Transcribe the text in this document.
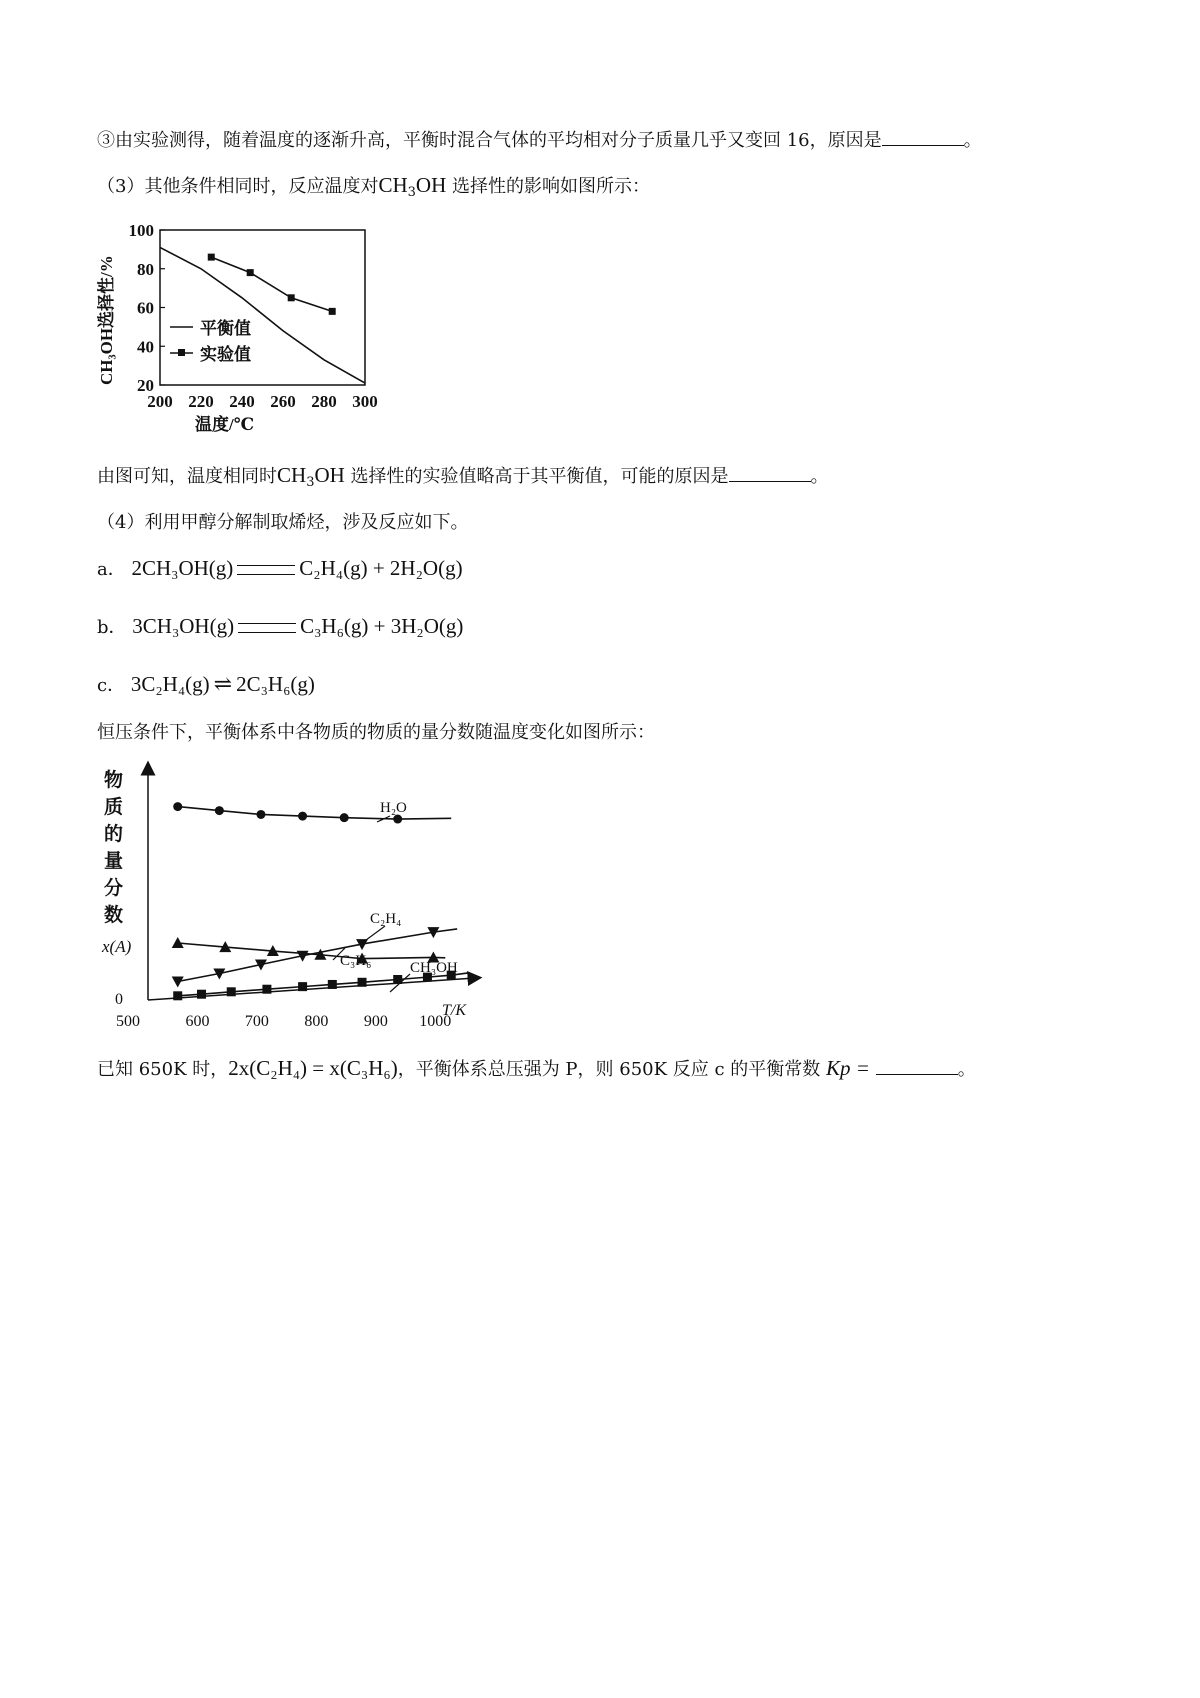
③由实验测得，随着温度的逐渐升高，平衡时混合气体的平均相对分子质量几乎又变回 16，原因是	。
（3）其他条件相同时，反应温度对$CH_3OH$ 选择性的影响如图所示：
20
40
60
80
100
200 220 240 260 280 300
CH₃OH选择性/%
温度/℃
平衡值
实验值
由图可知，温度相同时$CH_3OH$ 选择性的实验值略高于其平衡值，可能的原因是	。
（4）利用甲醇分解制取烯烃，涉及反应如下。
a． 2CH₃OH(g)	C₂H₄(g) + 2H₂O(g)
b． 3CH₃OH(g)	C₃H₆(g) + 3H₂O(g)
c． 3C₂H₄(g) ⇌ 2C₃H₆(g)
恒压条件下，平衡体系中各物质的物质的量分数随温度变化如图所示：
物
质
的
量
分
数
x(A)
0
500	600 700 800 900 1000
T/K
H₂O
C₂H₄
C₃H₆	CH₃OH
已知 650K 时，2x(C₂H₄) = x(C₃H₆)，平衡体系总压强为 P，则 650K 反应 c 的平衡常数 Kp =	。
